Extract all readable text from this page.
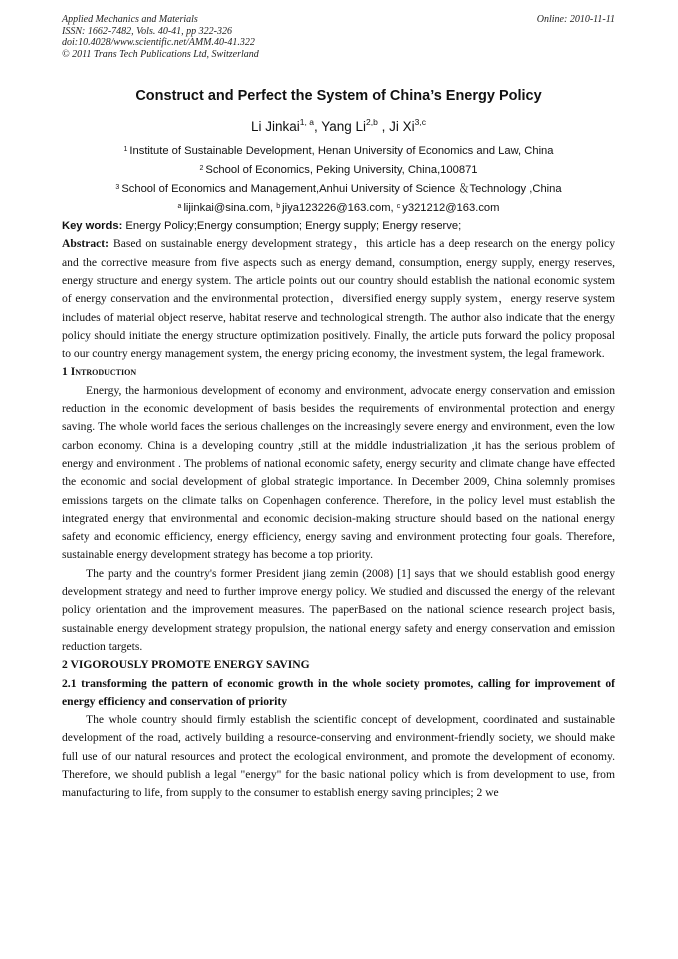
Applied Mechanics and Materials
ISSN: 1662-7482, Vols. 40-41, pp 322-326
doi:10.4028/www.scientific.net/AMM.40-41.322
© 2011 Trans Tech Publications Ltd, Switzerland
Online: 2010-11-11
Construct and Perfect the System of China’s Energy Policy
Li Jinkai$^{1, a}$, Yang Li$^{2,b}$ , Ji Xi$^{3,c}$
$^1$ Institute of Sustainable Development, Henan University of Economics and Law, China
$^2$ School of Economics, Peking University, China,100871
$^3$ School of Economics and Management,Anhui University of Science ＆Technology ,China
$^a$ lijinkai@sina.com, $^b$ jiya123226@163.com, $^c$ y321212@163.com
Key words: Energy Policy;Energy consumption; Energy supply; Energy reserve;

Abstract: Based on sustainable energy development strategy，this article has a deep research on the energy policy and the corrective measure from five aspects such as energy demand, consumption, energy supply, energy reserves, energy structure and energy system. The article points out our country should establish the national economic system of energy conservation and the environmental protection，diversified energy supply system，energy reserve system includes of material object reserve, habitat reserve and technological strength. The author also indicate that the energy policy should initiate the energy structure optimization positively. Finally, the article puts forward the policy proposal to our country energy management system, the energy pricing economy, the investment system, the legal framework.

1 Introduction

Energy, the harmonious development of economy and environment, advocate energy conservation and emission reduction in the economic development of basis besides the requirements of environmental protection and energy saving. The whole world faces the serious challenges on the increasingly severe energy and environment, even the low carbon economy. China is a developing country ,still at the middle industrialization ,it has the serious problem of energy and environment . The problems of national economic safety, energy security and climate change have effected the economic and social development of global strategic importance. In December 2009, China solemnly promises emissions targets on the climate talks on Copenhagen conference. Therefore, in the policy level must establish the integrated energy that environmental and economic decision-making structure should based on the national energy safety and economic efficiency, energy efficiency, energy saving and environment protecting four goals. Therefore, sustainable energy development strategy has become a top priority.

The party and the country's former President jiang zemin (2008) [1] says that we should establish good energy development strategy and need to further improve energy policy. We studied and discussed the energy of the relevant policy orientation and the improvement measures. The paperBased on the national science research project basis, sustainable energy development strategy propulsion, the national energy safety and energy conservation and emission reduction targets.

2 VIGOROUSLY PROMOTE ENERGY SAVING
2.1 transforming the pattern of economic growth in the whole society promotes, calling for improvement of energy efficiency and conservation of priority

The whole country should firmly establish the scientific concept of development, coordinated and sustainable development of the road, actively building a resource-conserving and environment-friendly society, we should make full use of our natural resources and protect the ecological environment, and promote the development of economy. Therefore, we should publish a legal "energy" for the basic national policy which is from development to use, from manufacturing to life, from supply to the consumer to establish energy saving principles; 2 we
